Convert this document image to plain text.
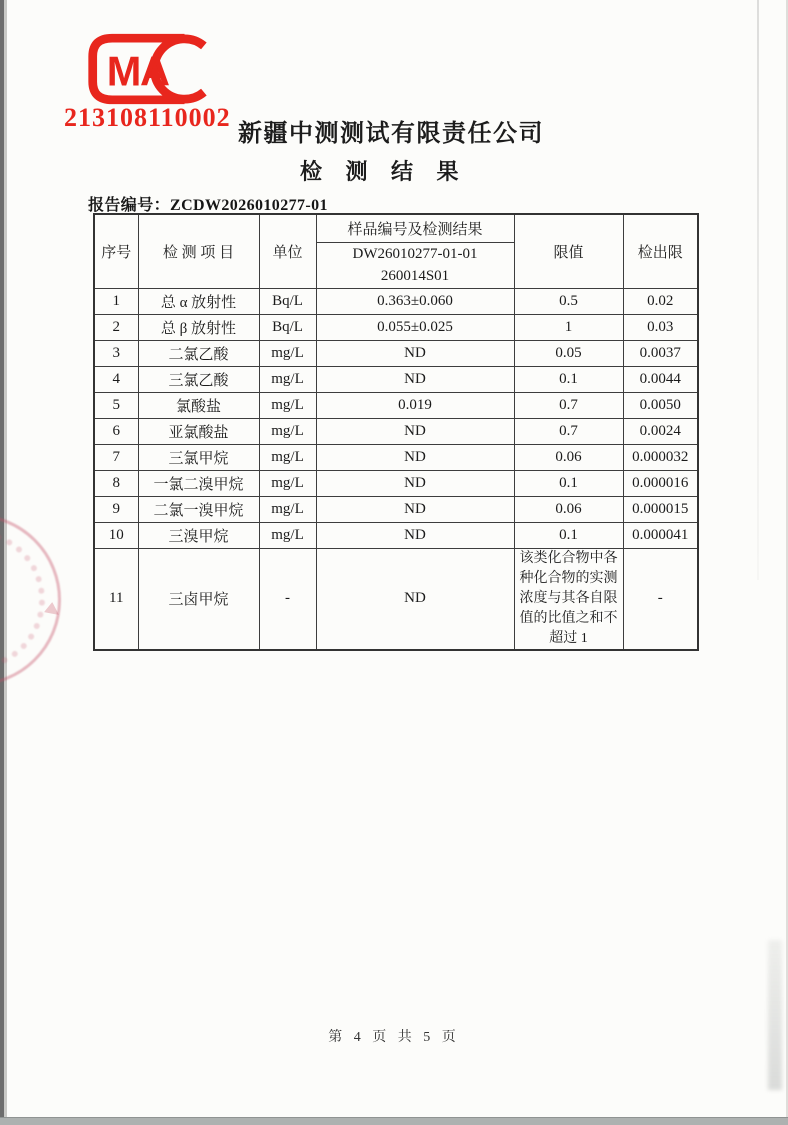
MA
213108110002
新疆中测测试有限责任公司
检 测 结 果
报告编号：ZCDW2026010277-01
序号	检 测 项 目	单位	样品编号及检测结果	限值	检出限

			DW26010277-01-01
260014S01		

1	总 α 放射性	Bq/L	0.363±0.060	0.5	0.02
2	总 β 放射性	Bq/L	0.055±0.025	1	0.03
3	二氯乙酸	mg/L	ND	0.05	0.0037
4	三氯乙酸	mg/L	ND	0.1	0.0044
5	氯酸盐	mg/L	0.019	0.7	0.0050
6	亚氯酸盐	mg/L	ND	0.7	0.0024
7	三氯甲烷	mg/L	ND	0.06	0.000032
8	一氯二溴甲烷	mg/L	ND	0.1	0.000016
9	二氯一溴甲烷	mg/L	ND	0.06	0.000015
10	三溴甲烷	mg/L	ND	0.1	0.000041
11	三卤甲烷	-	ND	该类化合物中各种化合物的实测浓度与其各自限值的比值之和不超过 1	-
第 4 页 共 5 页
